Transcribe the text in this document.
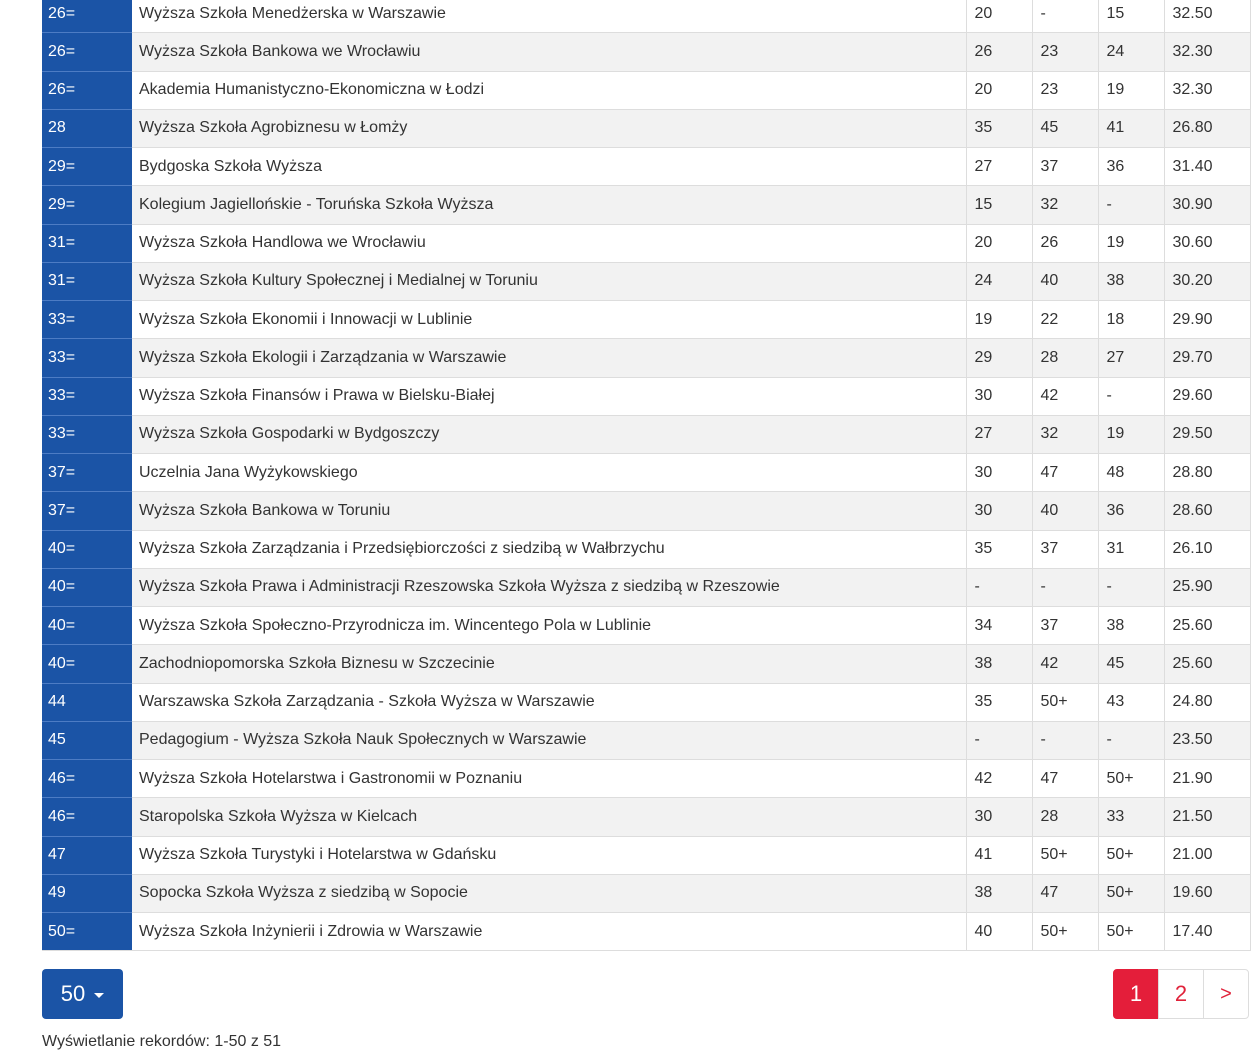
26=	Wyższa Szkoła Menedżerska w Warszawie	20	-	15	32.50
26=	Wyższa Szkoła Bankowa we Wrocławiu	26	23	24	32.30
26=	Akademia Humanistyczno-Ekonomiczna w Łodzi	20	23	19	32.30
28	Wyższa Szkoła Agrobiznesu w Łomży	35	45	41	26.80
29=	Bydgoska Szkoła Wyższa	27	37	36	31.40
29=	Kolegium Jagiellońskie - Toruńska Szkoła Wyższa	15	32	-	30.90
31=	Wyższa Szkoła Handlowa we Wrocławiu	20	26	19	30.60
31=	Wyższa Szkoła Kultury Społecznej i Medialnej w Toruniu	24	40	38	30.20
33=	Wyższa Szkoła Ekonomii i Innowacji w Lublinie	19	22	18	29.90
33=	Wyższa Szkoła Ekologii i Zarządzania w Warszawie	29	28	27	29.70
33=	Wyższa Szkoła Finansów i Prawa w Bielsku-Białej	30	42	-	29.60
33=	Wyższa Szkoła Gospodarki w Bydgoszczy	27	32	19	29.50
37=	Uczelnia Jana Wyżykowskiego	30	47	48	28.80
37=	Wyższa Szkoła Bankowa w Toruniu	30	40	36	28.60
40=	Wyższa Szkoła Zarządzania i Przedsiębiorczości z siedzibą w Wałbrzychu	35	37	31	26.10
40=	Wyższa Szkoła Prawa i Administracji Rzeszowska Szkoła Wyższa z siedzibą w Rzeszowie	-	-	-	25.90
40=	Wyższa Szkoła Społeczno-Przyrodnicza im. Wincentego Pola w Lublinie	34	37	38	25.60
40=	Zachodniopomorska Szkoła Biznesu w Szczecinie	38	42	45	25.60
44	Warszawska Szkoła Zarządzania - Szkoła Wyższa w Warszawie	35	50+	43	24.80
45	Pedagogium - Wyższa Szkoła Nauk Społecznych w Warszawie	-	-	-	23.50
46=	Wyższa Szkoła Hotelarstwa i Gastronomii w Poznaniu	42	47	50+	21.90
46=	Staropolska Szkoła Wyższa w Kielcach	30	28	33	21.50
47	Wyższa Szkoła Turystyki i Hotelarstwa w Gdańsku	41	50+	50+	21.00
49	Sopocka Szkoła Wyższa z siedzibą w Sopocie	38	47	50+	19.60
50=	Wyższa Szkoła Inżynierii i Zdrowia w Warszawie	40	50+	50+	17.40
50	1	2	>
Wyświetlanie rekordów: 1-50 z 51
